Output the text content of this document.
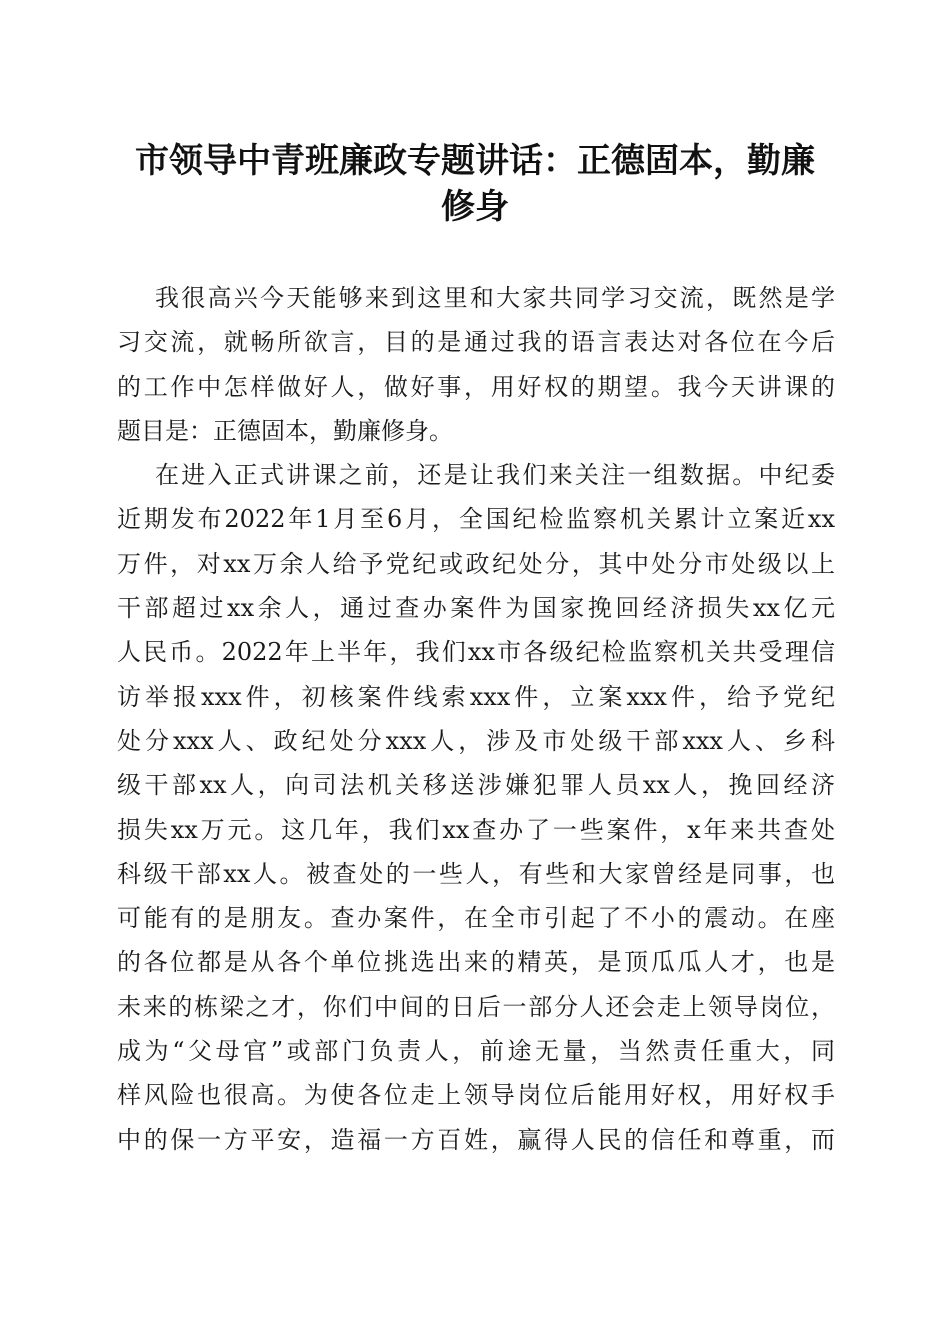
市领导中青班廉政专题讲话：正德固本，勤廉
修身

我很高兴今天能够来到这里和大家共同学习交流，既然是学
习交流，就畅所欲言，目的是通过我的语言表达对各位在今后
的工作中怎样做好人，做好事，用好权的期望。我今天讲课的
题目是：正德固本，勤廉修身。

在进入正式讲课之前，还是让我们来关注一组数据。中纪委
近期发布2022年1月至6月，全国纪检监察机关累计立案近xx
万件，对xx万余人给予党纪或政纪处分，其中处分市处级以上
干部超过xx余人，通过查办案件为国家挽回经济损失xx亿元
人民币。2022年上半年，我们xx市各级纪检监察机关共受理信
访举报xxx件，初核案件线索xxx件，立案xxx件，给予党纪
处分xxx人、政纪处分xxx人，涉及市处级干部xxx人、乡科
级干部xx人，向司法机关移送涉嫌犯罪人员xx人，挽回经济
损失xx万元。这几年，我们xx查办了一些案件，x年来共查处
科级干部xx人。被查处的一些人，有些和大家曾经是同事，也
可能有的是朋友。查办案件，在全市引起了不小的震动。在座
的各位都是从各个单位挑选出来的精英，是顶瓜瓜人才，也是
未来的栋梁之才，你们中间的日后一部分人还会走上领导岗位，
成为“父母官”或部门负责人，前途无量，当然责任重大，同
样风险也很高。为使各位走上领导岗位后能用好权，用好权手
中的保一方平安，造福一方百姓，赢得人民的信任和尊重，而
